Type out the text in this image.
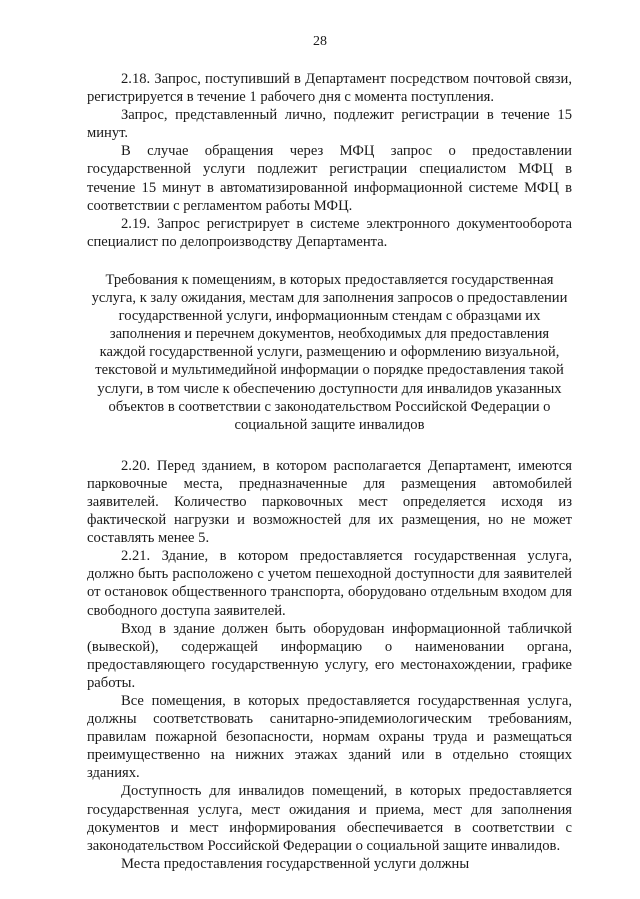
28

2.18. Запрос, поступивший в Департамент посредством почтовой связи, регистрируется в течение 1 рабочего дня с момента поступления.

Запрос, представленный лично, подлежит регистрации в течение 15 минут.

В случае обращения через МФЦ запрос о предоставлении государственной услуги подлежит регистрации специалистом МФЦ в течение 15 минут в автоматизированной информационной системе МФЦ в соответствии с регламентом работы МФЦ.

2.19. Запрос регистрирует в системе электронного документооборота специалист по делопроизводству Департамента.

Требования к помещениям, в которых предоставляется государственная услуга, к залу ожидания, местам для заполнения запросов о предоставлении государственной услуги, информационным стендам с образцами их заполнения и перечнем документов, необходимых для предоставления каждой государственной услуги, размещению и оформлению визуальной, текстовой и мультимедийной информации о порядке предоставления такой услуги, в том числе к обеспечению доступности для инвалидов указанных объектов в соответствии с законодательством Российской Федерации о социальной защите инвалидов

2.20. Перед зданием, в котором располагается Департамент, имеются парковочные места, предназначенные для размещения автомобилей заявителей. Количество парковочных мест определяется исходя из фактической нагрузки и возможностей для их размещения, но не может составлять менее 5.

2.21. Здание, в котором предоставляется государственная услуга, должно быть расположено с учетом пешеходной доступности для заявителей от остановок общественного транспорта, оборудовано отдельным входом для свободного доступа заявителей.

Вход в здание должен быть оборудован информационной табличкой (вывеской), содержащей информацию о наименовании органа, предоставляющего государственную услугу, его местонахождении, графике работы.

Все помещения, в которых предоставляется государственная услуга, должны соответствовать санитарно-эпидемиологическим требованиям, правилам пожарной безопасности, нормам охраны труда и размещаться преимущественно на нижних этажах зданий или в отдельно стоящих зданиях.

Доступность для инвалидов помещений, в которых предоставляется государственная услуга, мест ожидания и приема, мест для заполнения документов и мест информирования обеспечивается в соответствии с законодательством Российской Федерации о социальной защите инвалидов.

Места предоставления государственной услуги должны
